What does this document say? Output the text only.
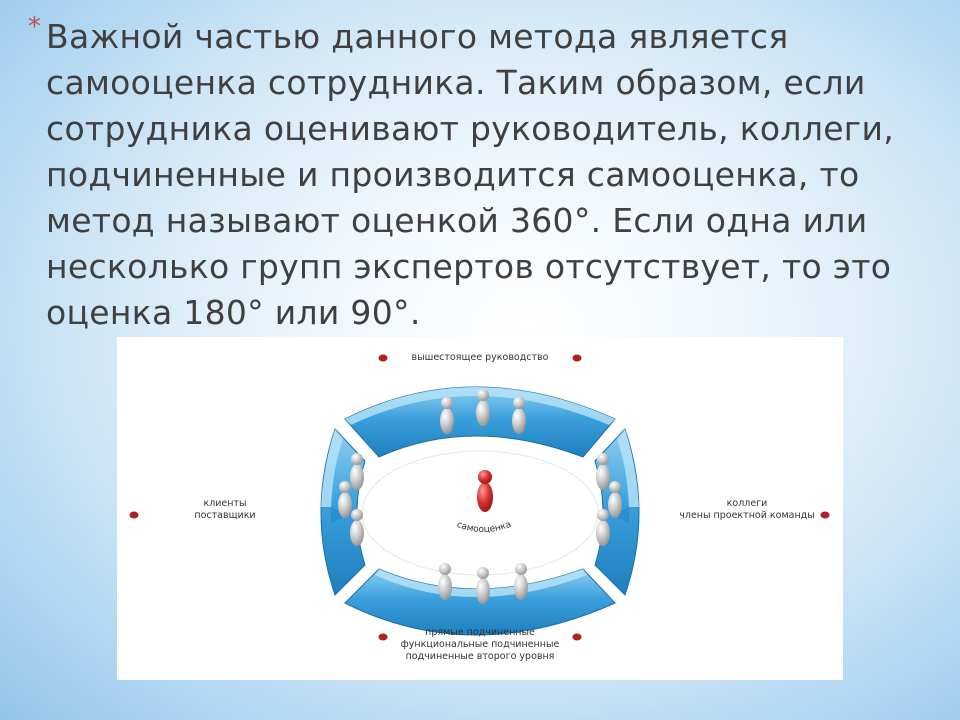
* Важной частью данного метода является
самооценка сотрудника. Таким образом, если
сотрудника оценивают руководитель, коллеги,
подчиненные и производится самооценка, то
метод называют оценкой 360°. Если одна или
несколько групп экспертов отсутствует, то это
оценка 180° или 90°.
самооценка
вышестоящее руководство
клиенты
поставщики
коллеги
члены проектной команды
прямые подчиненные
функциональные подчиненные
подчиненные второго уровня
